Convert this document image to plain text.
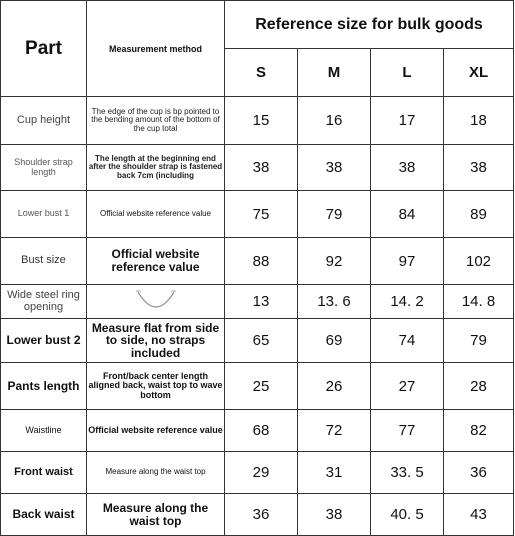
Part	Measurement method	Reference size for bulk goods			
		S	M	L	XL
Cup height	The edge of the cup is bp pointed to the bending amount of the bottom of the cup total	15	16	17	18
Shoulder strap length	The length at the beginning end after the shoulder strap is fastened back 7cm (including	38	38	38	38
Lower bust 1	Official website reference value	75	79	84	89
Bust size	Official website reference value	88	92	97	102
Wide steel ring opening		13	13. 6	14. 2	14. 8
Lower bust 2	Measure flat from side to side, no straps included	65	69	74	79
Pants length	Front/back center length aligned back, waist top to wave bottom	25	26	27	28
Waistline	Official website reference value	68	72	77	82
Front waist	Measure along the waist top	29	31	33. 5	36
Back waist	Measure along the waist top	36	38	40. 5	43
